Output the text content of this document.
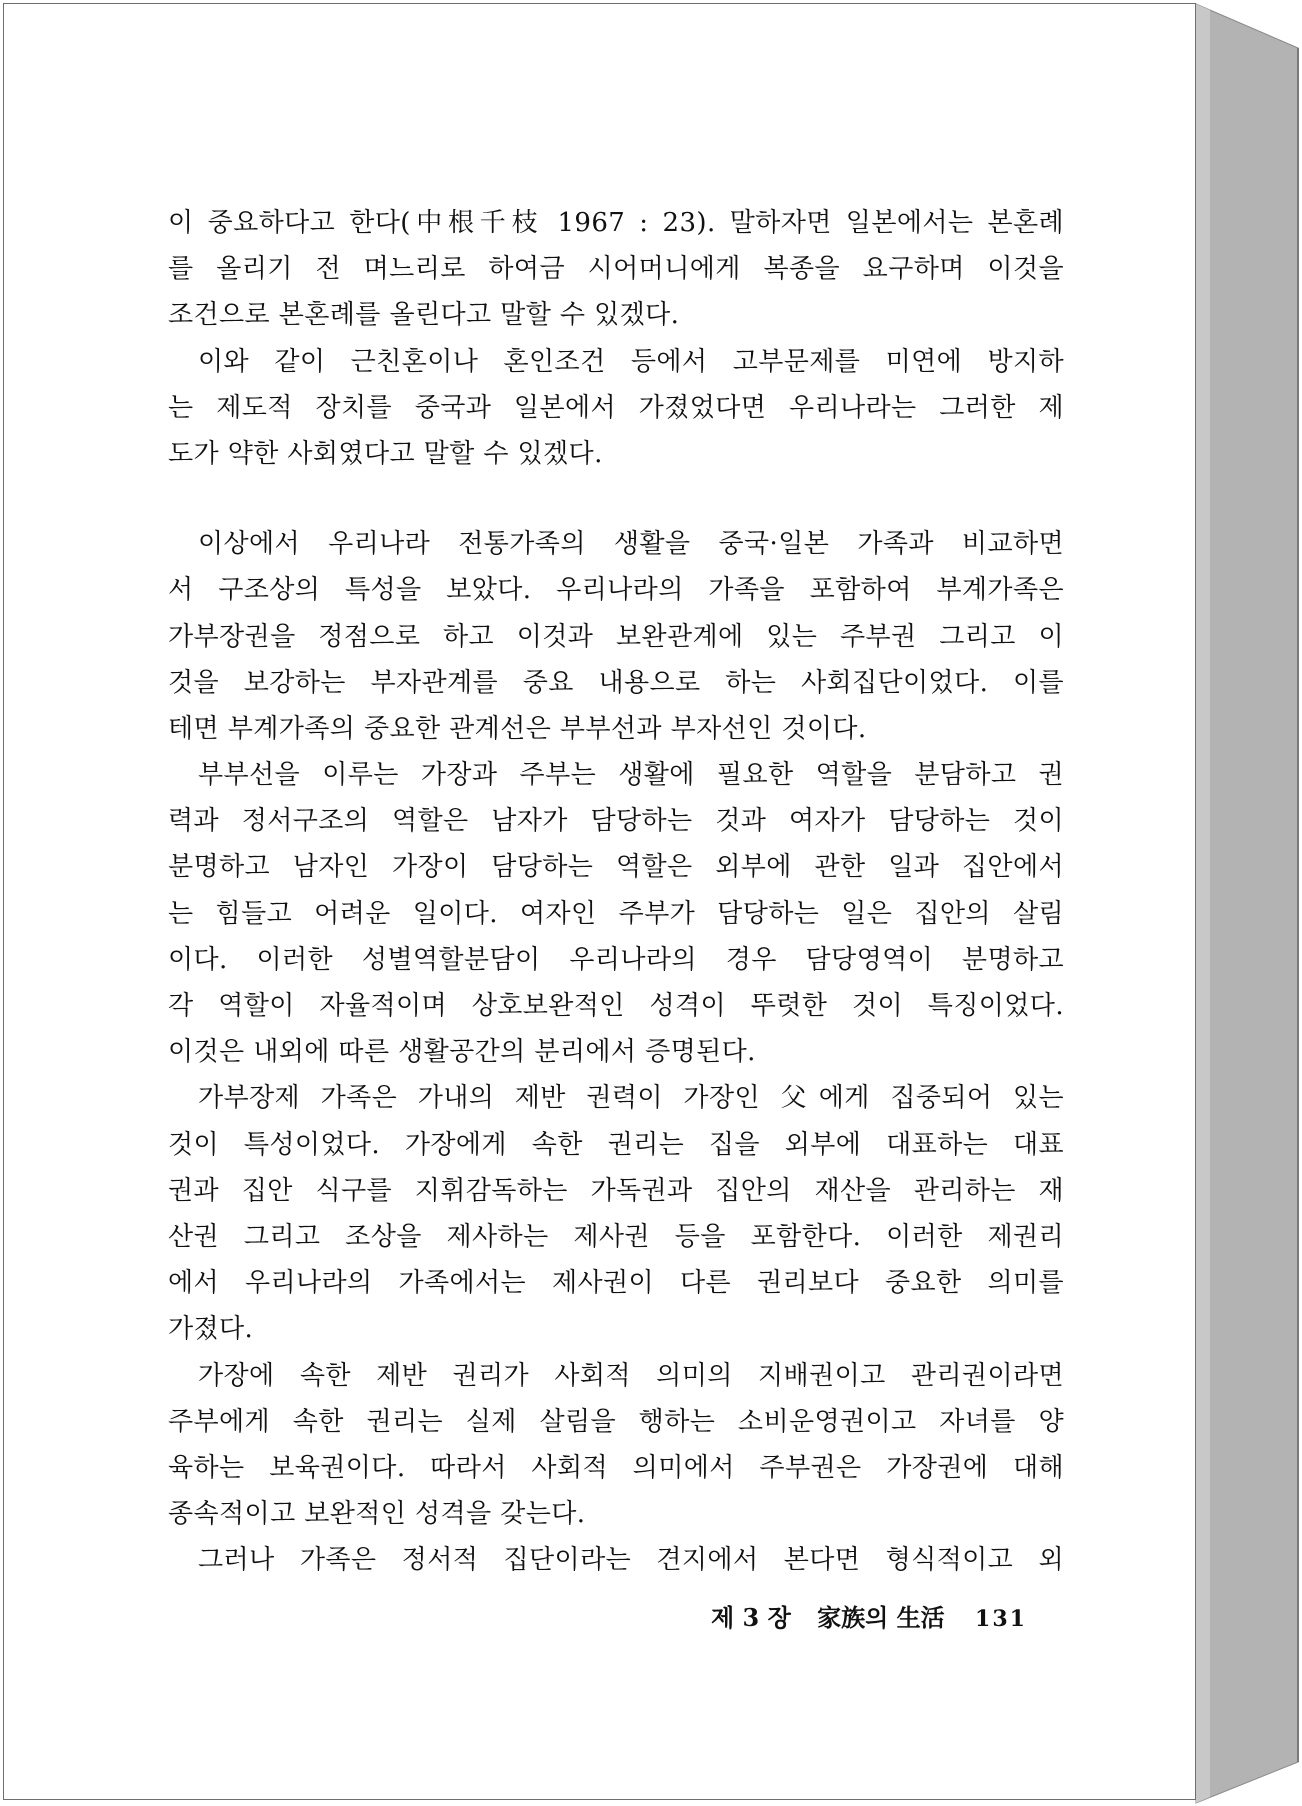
이 중요하다고 한다(中根千枝 1967 : 23). 말하자면 일본에서는 본혼례
를 올리기 전 며느리로 하여금 시어머니에게 복종을 요구하며 이것을
조건으로 본혼례를 올린다고 말할 수 있겠다.
이와 같이 근친혼이나 혼인조건 등에서 고부문제를 미연에 방지하
는 제도적 장치를 중국과 일본에서 가졌었다면 우리나라는 그러한 제
도가 약한 사회였다고 말할 수 있겠다.
이상에서 우리나라 전통가족의 생활을 중국·일본 가족과 비교하면
서 구조상의 특성을 보았다. 우리나라의 가족을 포함하여 부계가족은
가부장권을 정점으로 하고 이것과 보완관계에 있는 주부권 그리고 이
것을 보강하는 부자관계를 중요 내용으로 하는 사회집단이었다. 이를
테면 부계가족의 중요한 관계선은 부부선과 부자선인 것이다.
부부선을 이루는 가장과 주부는 생활에 필요한 역할을 분담하고 권
력과 정서구조의 역할은 남자가 담당하는 것과 여자가 담당하는 것이
분명하고 남자인 가장이 담당하는 역할은 외부에 관한 일과 집안에서
는 힘들고 어려운 일이다. 여자인 주부가 담당하는 일은 집안의 살림
이다. 이러한 성별역할분담이 우리나라의 경우 담당영역이 분명하고
각 역할이 자율적이며 상호보완적인 성격이 뚜렷한 것이 특징이었다.
이것은 내외에 따른 생활공간의 분리에서 증명된다.
가부장제 가족은 가내의 제반 권력이 가장인 父에게 집중되어 있는
것이 특성이었다. 가장에게 속한 권리는 집을 외부에 대표하는 대표
권과 집안 식구를 지휘감독하는 가독권과 집안의 재산을 관리하는 재
산권 그리고 조상을 제사하는 제사권 등을 포함한다. 이러한 제권리
에서 우리나라의 가족에서는 제사권이 다른 권리보다 중요한 의미를
가졌다.
가장에 속한 제반 권리가 사회적 의미의 지배권이고 관리권이라면
주부에게 속한 권리는 실제 살림을 행하는 소비운영권이고 자녀를 양
육하는 보육권이다. 따라서 사회적 의미에서 주부권은 가장권에 대해
종속적이고 보완적인 성격을 갖는다.
그러나 가족은 정서적 집단이라는 견지에서 본다면 형식적이고 외
제 3 장 家族의 生活 131
